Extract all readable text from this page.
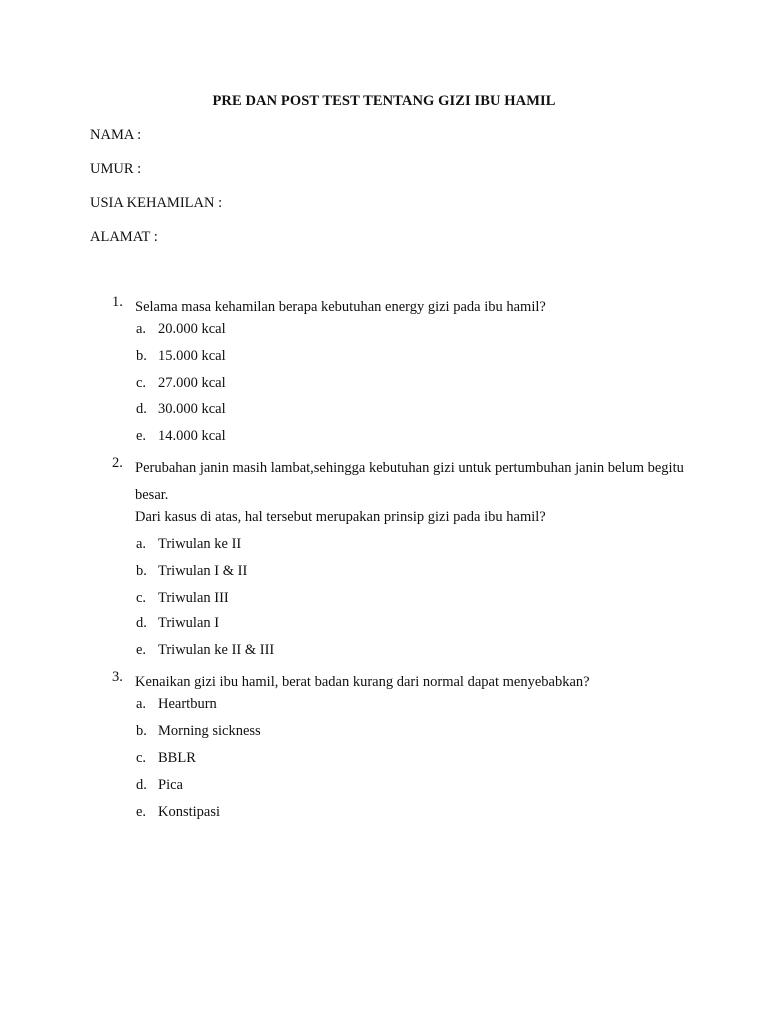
PRE DAN POST TEST TENTANG GIZI IBU HAMIL
NAMA :
UMUR :
USIA KEHAMILAN :
ALAMAT :
1. Selama masa kehamilan berapa kebutuhan energy gizi pada ibu hamil?
a. 20.000 kcal
b. 15.000 kcal
c. 27.000 kcal
d. 30.000 kcal
e. 14.000 kcal
2. Perubahan janin masih lambat,sehingga kebutuhan gizi untuk pertumbuhan janin belum begitu besar.
Dari kasus di atas, hal tersebut merupakan prinsip gizi pada ibu hamil?
a. Triwulan ke II
b. Triwulan I & II
c. Triwulan III
d. Triwulan I
e. Triwulan ke II & III
3. Kenaikan gizi ibu hamil, berat badan kurang dari normal dapat menyebabkan?
a. Heartburn
b. Morning sickness
c. BBLR
d. Pica
e. Konstipasi
